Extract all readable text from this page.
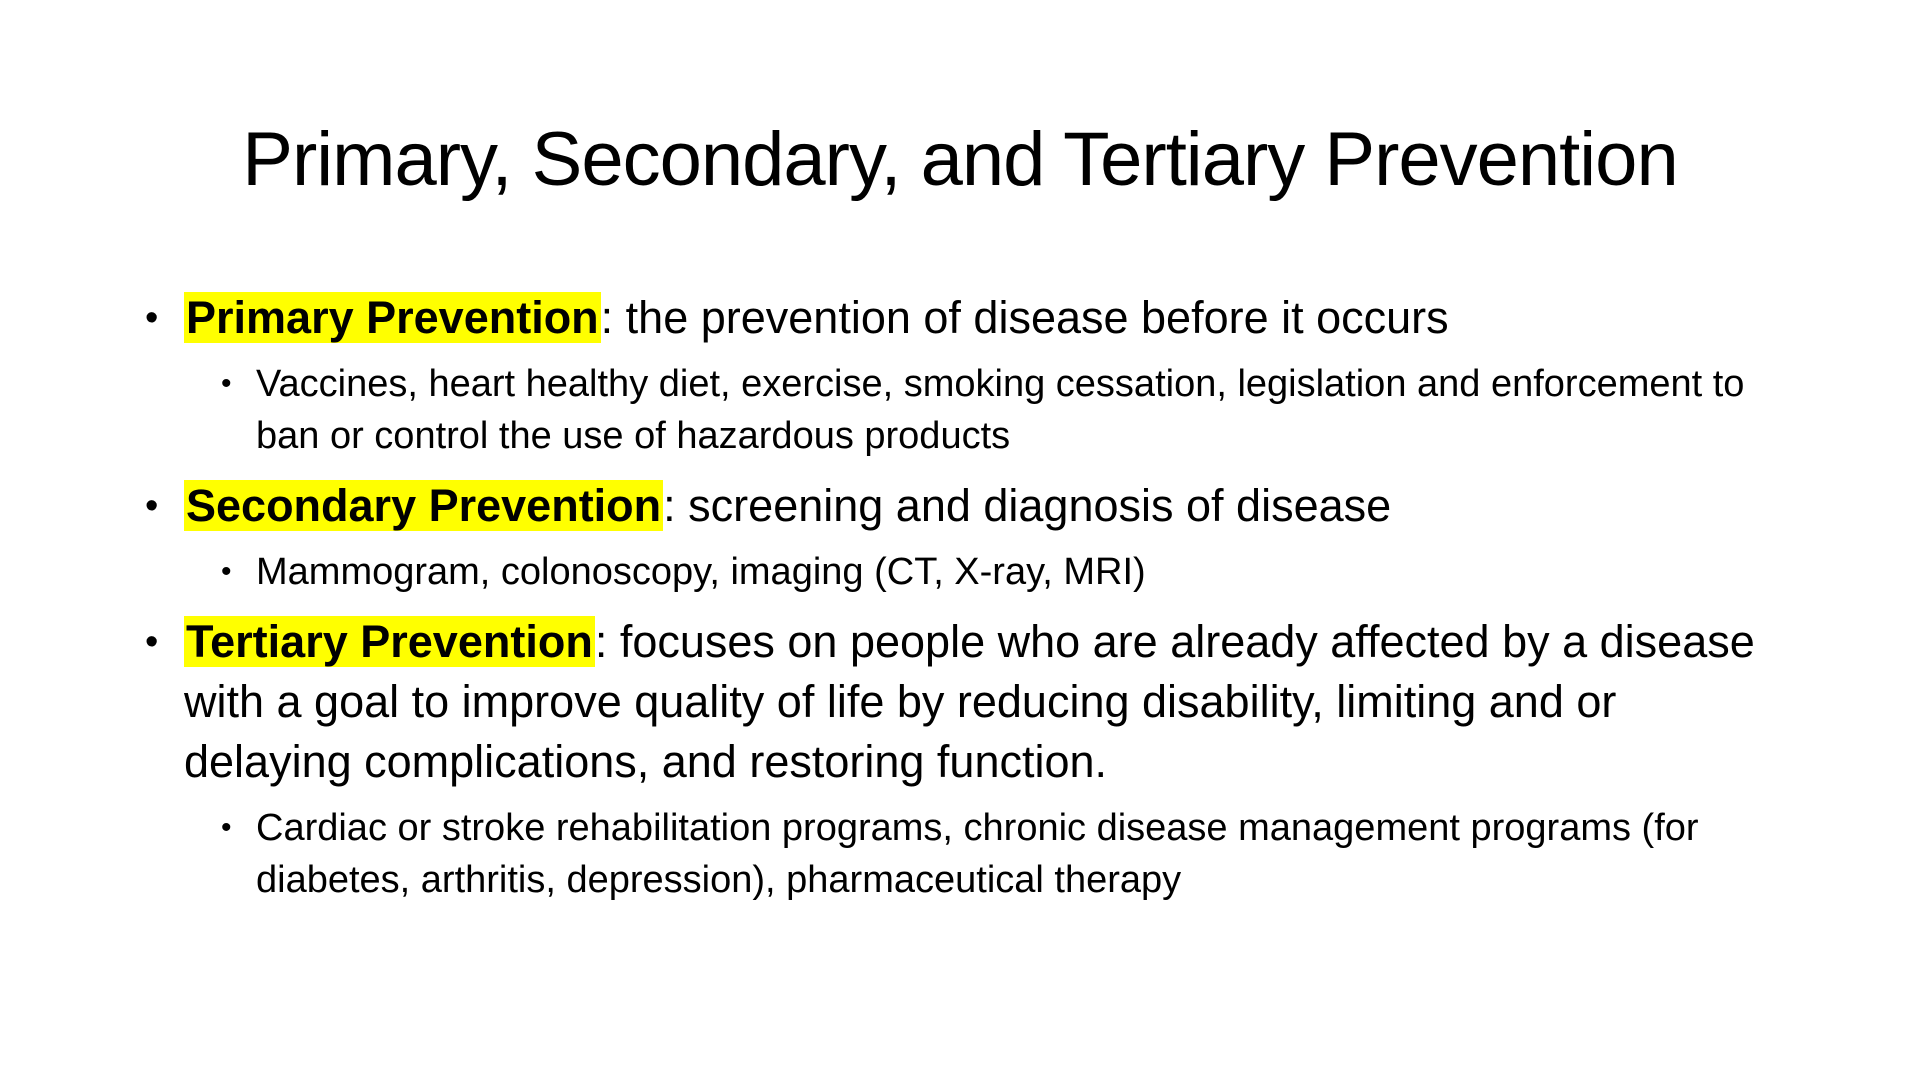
Primary, Secondary, and Tertiary Prevention
• Primary Prevention: the prevention of disease before it occurs
• Vaccines, heart healthy diet, exercise, smoking cessation, legislation and enforcement to ban or control the use of hazardous products
• Secondary Prevention: screening and diagnosis of disease
• Mammogram, colonoscopy, imaging (CT, X-ray, MRI)
• Tertiary Prevention: focuses on people who are already affected by a disease with a goal to improve quality of life by reducing disability, limiting and or delaying complications, and restoring function.
• Cardiac or stroke rehabilitation programs, chronic disease management programs (for diabetes, arthritis, depression), pharmaceutical therapy
